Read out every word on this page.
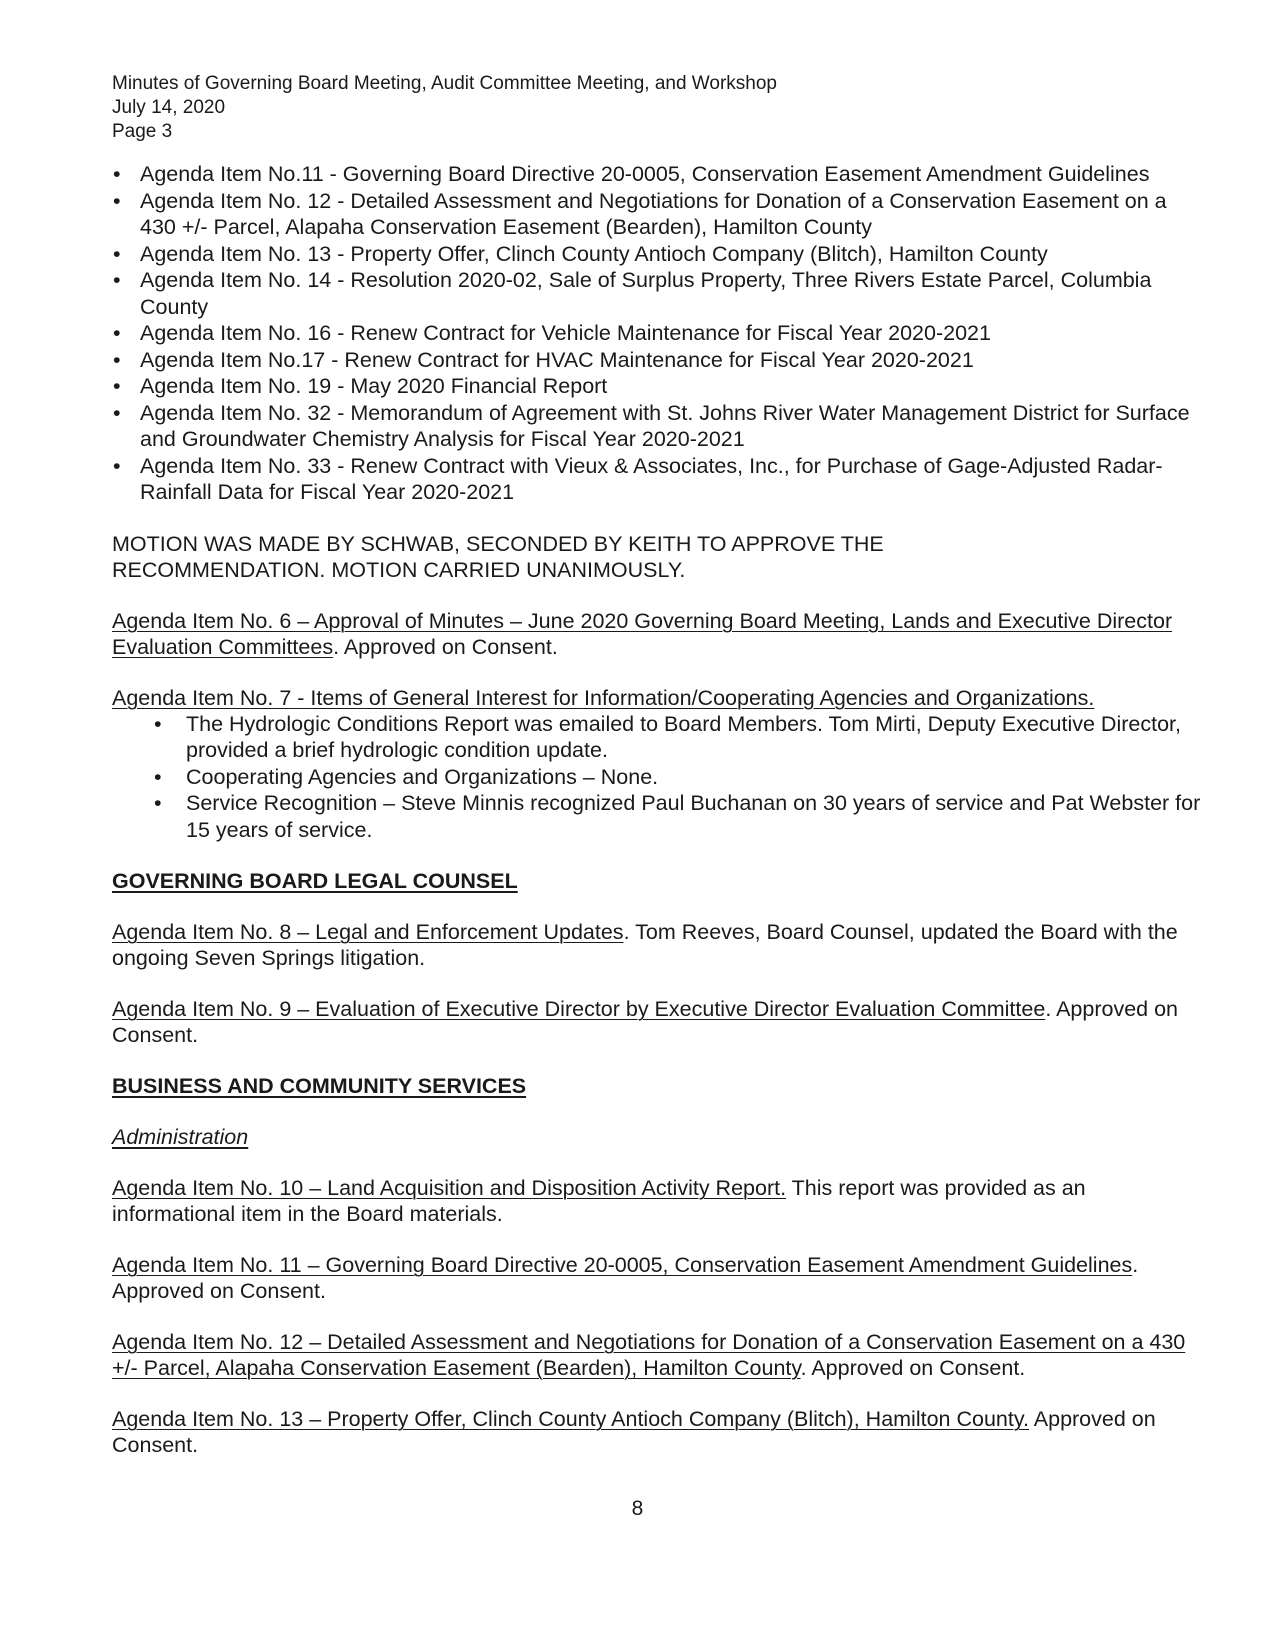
Minutes of Governing Board Meeting, Audit Committee Meeting, and Workshop
July 14, 2020
Page 3
• Agenda Item No.11 - Governing Board Directive 20-0005, Conservation Easement Amendment Guidelines
• Agenda Item No. 12 - Detailed Assessment and Negotiations for Donation of a Conservation Easement on a 430 +/- Parcel, Alapaha Conservation Easement (Bearden), Hamilton County
• Agenda Item No. 13 - Property Offer, Clinch County Antioch Company (Blitch), Hamilton County
• Agenda Item No. 14 - Resolution 2020-02, Sale of Surplus Property, Three Rivers Estate Parcel, Columbia County
• Agenda Item No. 16 - Renew Contract for Vehicle Maintenance for Fiscal Year 2020-2021
• Agenda Item No.17 - Renew Contract for HVAC Maintenance for Fiscal Year 2020-2021
• Agenda Item No. 19 - May 2020 Financial Report
• Agenda Item No. 32 - Memorandum of Agreement with St. Johns River Water Management District for Surface and Groundwater Chemistry Analysis for Fiscal Year 2020-2021
• Agenda Item No. 33 - Renew Contract with Vieux & Associates, Inc., for Purchase of Gage-Adjusted Radar-Rainfall Data for Fiscal Year 2020-2021
MOTION WAS MADE BY SCHWAB, SECONDED BY KEITH TO APPROVE THE
RECOMMENDATION. MOTION CARRIED UNANIMOUSLY.

Agenda Item No. 6 – Approval of Minutes – June 2020 Governing Board Meeting, Lands and Executive Director Evaluation Committees. Approved on Consent.

Agenda Item No. 7 - Items of General Interest for Information/Cooperating Agencies and Organizations.

• The Hydrologic Conditions Report was emailed to Board Members. Tom Mirti, Deputy Executive Director, provided a brief hydrologic condition update.
• Cooperating Agencies and Organizations – None.
• Service Recognition – Steve Minnis recognized Paul Buchanan on 30 years of service and Pat Webster for 15 years of service.
GOVERNING BOARD LEGAL COUNSEL

Agenda Item No. 8 – Legal and Enforcement Updates. Tom Reeves, Board Counsel, updated the Board with the ongoing Seven Springs litigation.

Agenda Item No. 9 – Evaluation of Executive Director by Executive Director Evaluation Committee. Approved on Consent.

BUSINESS AND COMMUNITY SERVICES
Administration

Agenda Item No. 10 – Land Acquisition and Disposition Activity Report. This report was provided as an informational item in the Board materials.

Agenda Item No. 11 – Governing Board Directive 20-0005, Conservation Easement Amendment Guidelines. Approved on Consent.

Agenda Item No. 12 – Detailed Assessment and Negotiations for Donation of a Conservation Easement on a 430 +/- Parcel, Alapaha Conservation Easement (Bearden), Hamilton County. Approved on Consent.

Agenda Item No. 13 – Property Offer, Clinch County Antioch Company (Blitch), Hamilton County. Approved on Consent.

8
